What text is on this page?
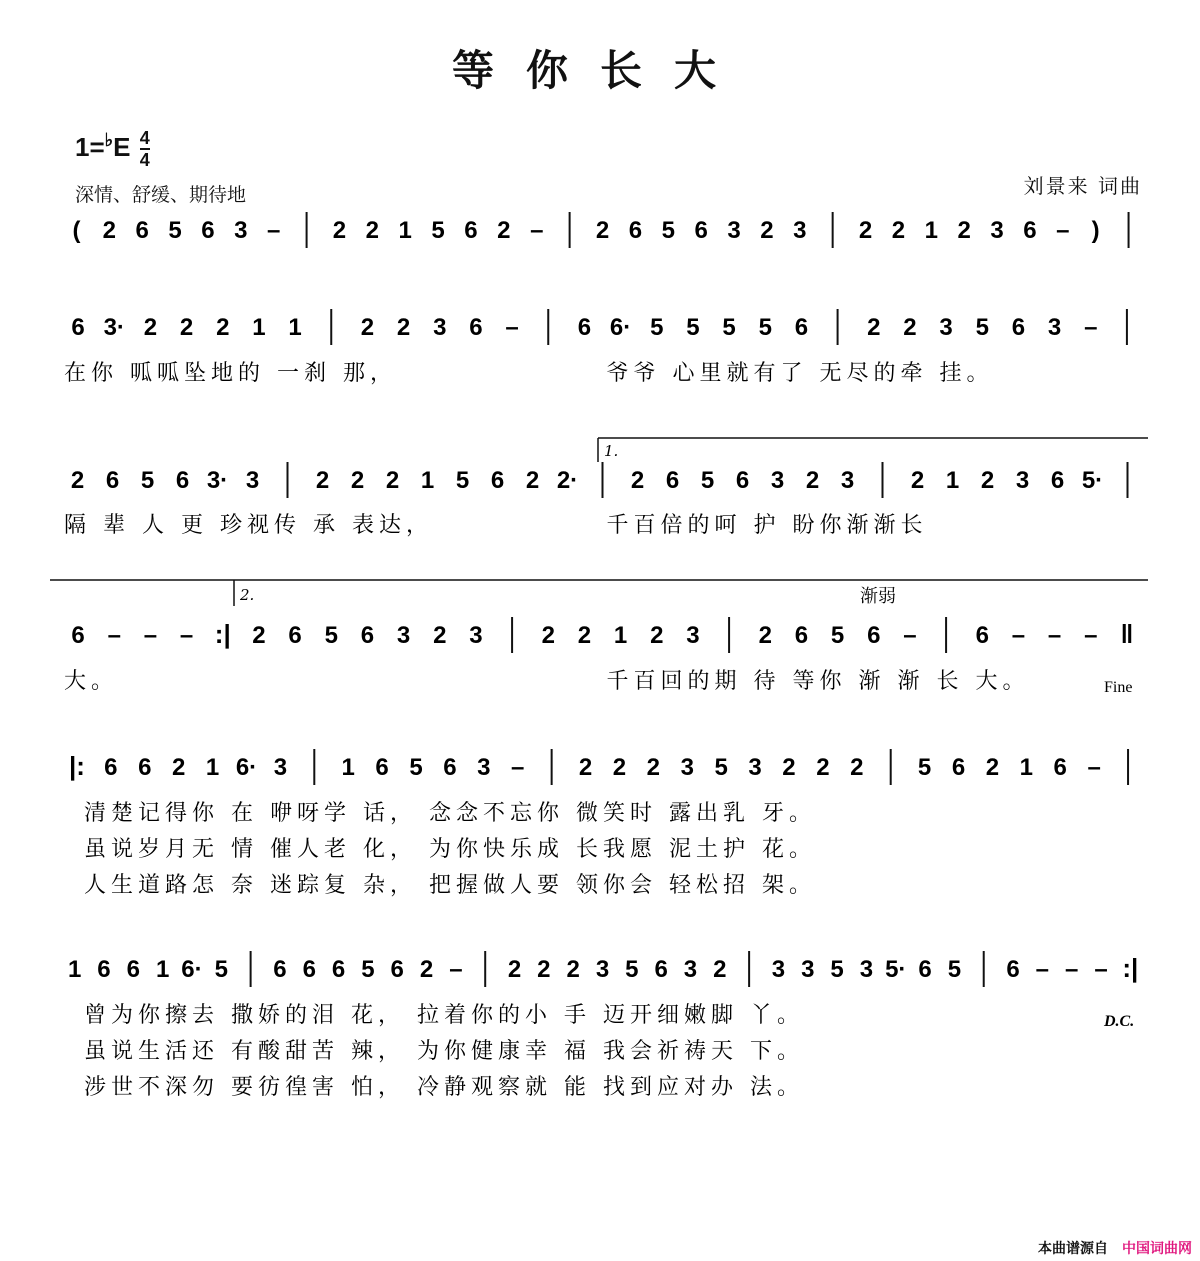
等你长大
$1=^♭E \frac{4}{4}$
深情、舒缓、期待地	刘景来 词曲
( 2 6 5 6 3 – 2 2 1 5 6 2 – 2 6 5 6 3 2 3 2 2 1 2 3 6 – )
6 3· 2 2 2 1 1 2 2 3 6 – 6 6· 5 5 5 5 6 2 2 3 5 6 3 –
在你 呱呱坠地的 一刹 那，	爷爷 心里就有了 无尽的牵 挂。
2 6 5 6 3· 3 2 2 2 1 5 6 2 2· 2 6 5 6 3 2 3 2 1 2 3 6 5·
隔 辈 人 更 珍视传 承 表达，	千百倍的呵 护 盼你渐渐长
6 – – – :| 2 6 5 6 3 2 3 2 2 1 2 3 2 6 5 6 – 6 – – – ‖
大。	千百回的期 待 等你 渐 渐 长 大。
|: 6 6 2 1 6· 3 1 6 5 6 3 – 2 2 2 3 5 3 2 2 2 5 6 2 1 6 –
清楚记得你 在 咿呀学 话， 念念不忘你 微笑时 露出乳 牙。
虽说岁月无 情 催人老 化， 为你快乐成 长我愿 泥土护 花。
人生道路怎 奈 迷踪复 杂， 把握做人要 领你会 轻松招 架。
1 6 6 1 6· 5 6 6 6 5 6 2 – 2 2 2 3 5 6 3 2 3 3 5 3 5· 6 5 6 – – – :|
曾为你擦去 撒娇的泪 花， 拉着你的小 手 迈开细嫩脚 丫。
虽说生活还 有酸甜苦 辣， 为你健康幸 福 我会祈祷天 下。
涉世不深勿 要彷徨害 怕， 冷静观察就 能 找到应对办 法。
1.
2.	渐弱
Fine
D.C.
本曲谱源自 中国词曲网
